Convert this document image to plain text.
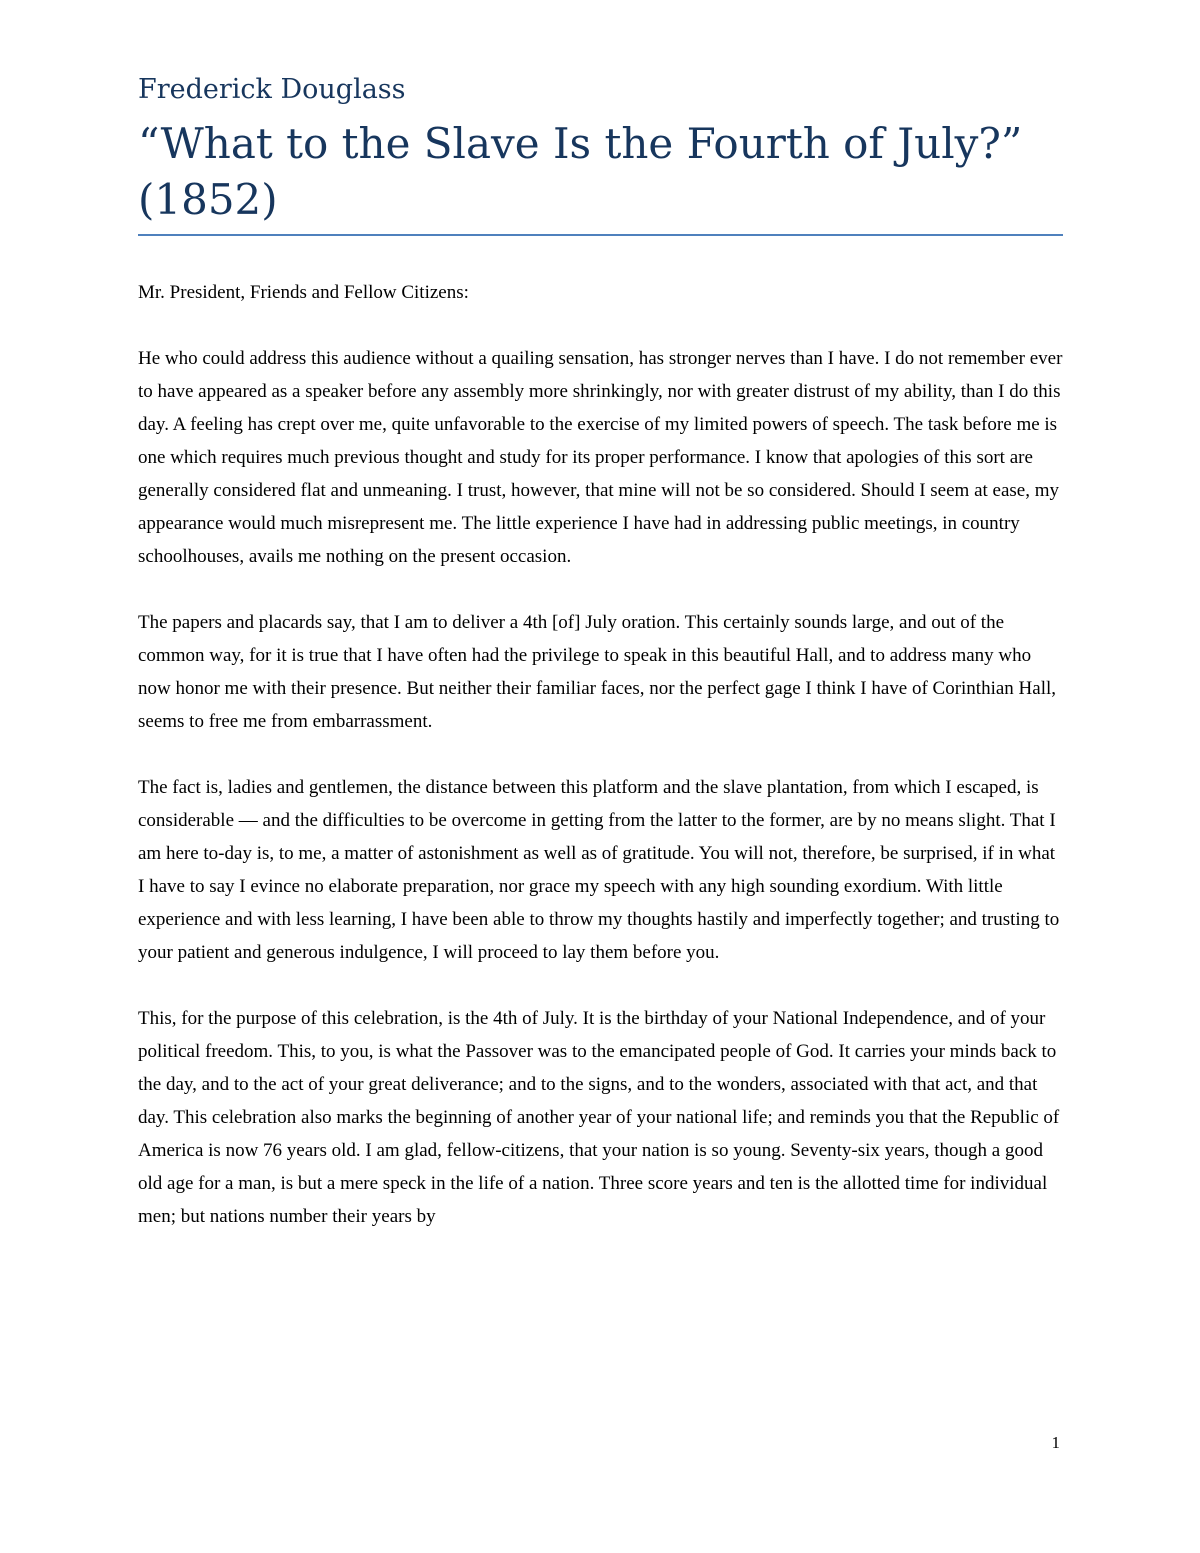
Frederick Douglass
“What to the Slave Is the Fourth of July?” (1852)

Mr. President, Friends and Fellow Citizens:

He who could address this audience without a quailing sensation, has stronger nerves than I have. I do not remember ever to have appeared as a speaker before any assembly more shrinkingly, nor with greater distrust of my ability, than I do this day. A feeling has crept over me, quite unfavorable to the exercise of my limited powers of speech. The task before me is one which requires much previous thought and study for its proper performance. I know that apologies of this sort are generally considered flat and unmeaning. I trust, however, that mine will not be so considered. Should I seem at ease, my appearance would much misrepresent me. The little experience I have had in addressing public meetings, in country schoolhouses, avails me nothing on the present occasion.

The papers and placards say, that I am to deliver a 4th [of] July oration. This certainly sounds large, and out of the common way, for it is true that I have often had the privilege to speak in this beautiful Hall, and to address many who now honor me with their presence. But neither their familiar faces, nor the perfect gage I think I have of Corinthian Hall, seems to free me from embarrassment.

The fact is, ladies and gentlemen, the distance between this platform and the slave plantation, from which I escaped, is considerable — and the difficulties to be overcome in getting from the latter to the former, are by no means slight. That I am here to-day is, to me, a matter of astonishment as well as of gratitude. You will not, therefore, be surprised, if in what I have to say I evince no elaborate preparation, nor grace my speech with any high sounding exordium. With little experience and with less learning, I have been able to throw my thoughts hastily and imperfectly together; and trusting to your patient and generous indulgence, I will proceed to lay them before you.

This, for the purpose of this celebration, is the 4th of July. It is the birthday of your National Independence, and of your political freedom. This, to you, is what the Passover was to the emancipated people of God. It carries your minds back to the day, and to the act of your great deliverance; and to the signs, and to the wonders, associated with that act, and that day. This celebration also marks the beginning of another year of your national life; and reminds you that the Republic of America is now 76 years old. I am glad, fellow-citizens, that your nation is so young. Seventy-six years, though a good old age for a man, is but a mere speck in the life of a nation. Three score years and ten is the allotted time for individual men; but nations number their years by

1
